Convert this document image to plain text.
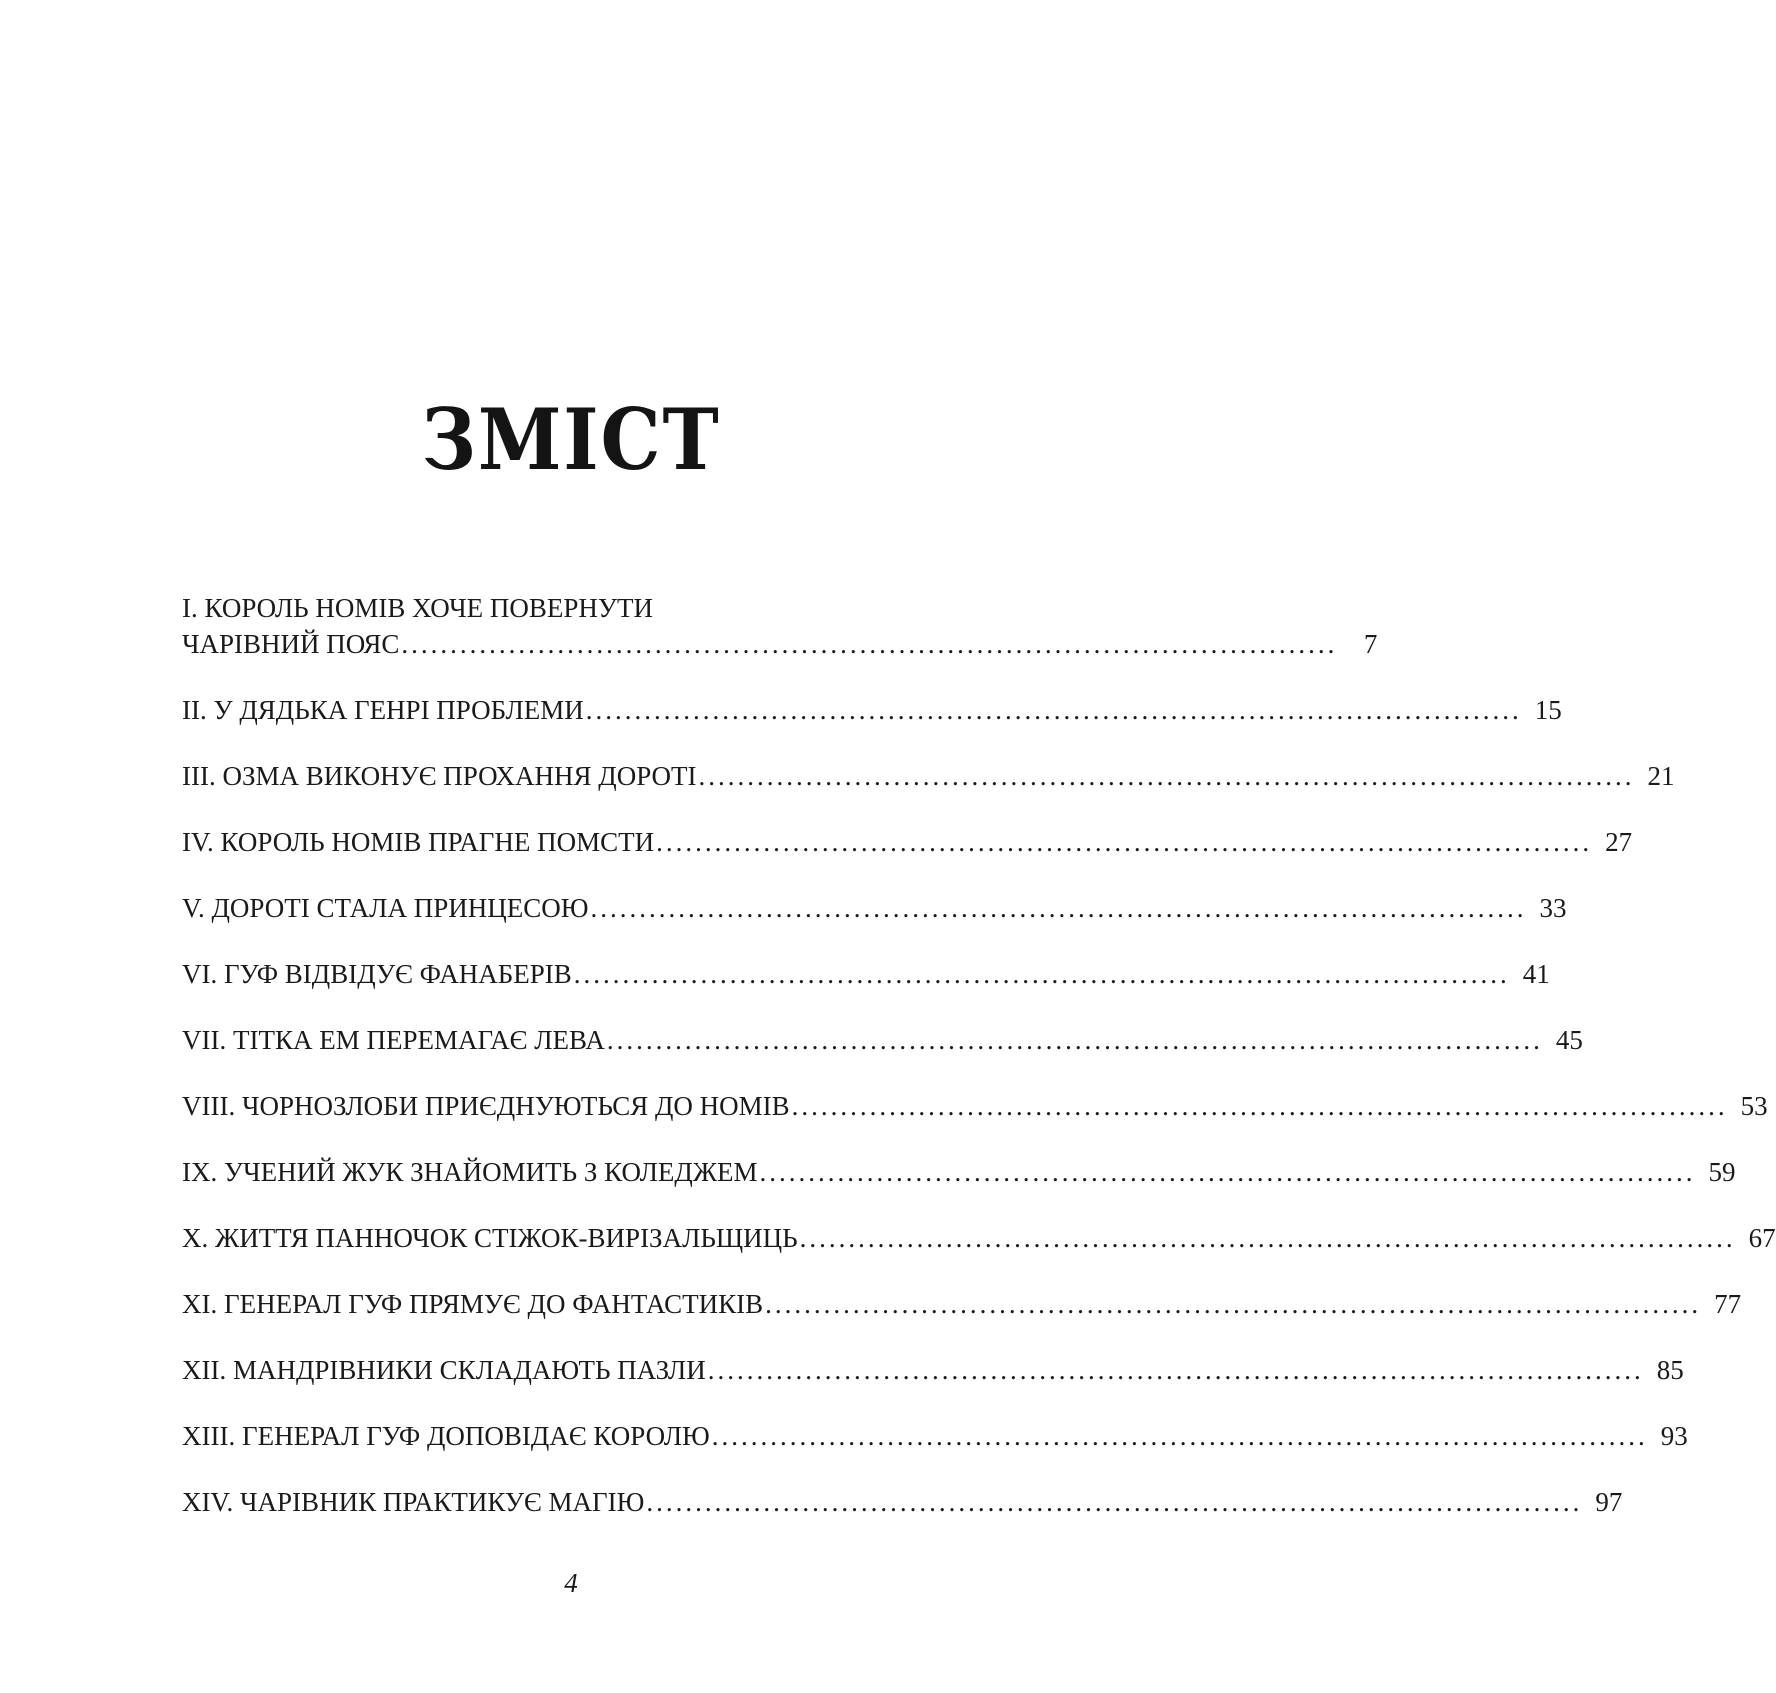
ЗМІСТ
I. КОРОЛЬ НОМІВ ХОЧЕ ПОВЕРНУТИ
ЧАРІВНИЙ ПОЯС ................................................................................................ 7
II. У ДЯДЬКА ГЕНРІ ПРОБЛЕМИ ................................................................................................ 15
III. ОЗМА ВИКОНУЄ ПРОХАННЯ ДОРОТІ ................................................................................................ 21
IV. КОРОЛЬ НОМІВ ПРАГНЕ ПОМСТИ ................................................................................................ 27
V. ДОРОТІ СТАЛА ПРИНЦЕСОЮ ................................................................................................ 33
VI. ГУФ ВІДВІДУЄ ФАНАБЕРІВ ................................................................................................ 41
VII. ТІТКА ЕМ ПЕРЕМАГАЄ ЛЕВА ................................................................................................ 45
VIII. ЧОРНОЗЛОБИ ПРИЄДНУЮТЬСЯ ДО НОМІВ ................................................................................................ 53
IX. УЧЕНИЙ ЖУК ЗНАЙОМИТЬ З КОЛЕДЖЕМ ................................................................................................ 59
X. ЖИТТЯ ПАННОЧОК СТІЖОК-ВИРІЗАЛЬЩИЦЬ ................................................................................................ 67
XI. ГЕНЕРАЛ ГУФ ПРЯМУЄ ДО ФАНТАСТИКІВ ................................................................................................ 77
XII. МАНДРІВНИКИ СКЛАДАЮТЬ ПАЗЛИ ................................................................................................ 85
XIII. ГЕНЕРАЛ ГУФ ДОПОВІДАЄ КОРОЛЮ ................................................................................................ 93
XIV. ЧАРІВНИК ПРАКТИКУЄ МАГІЮ ................................................................................................ 97
4
